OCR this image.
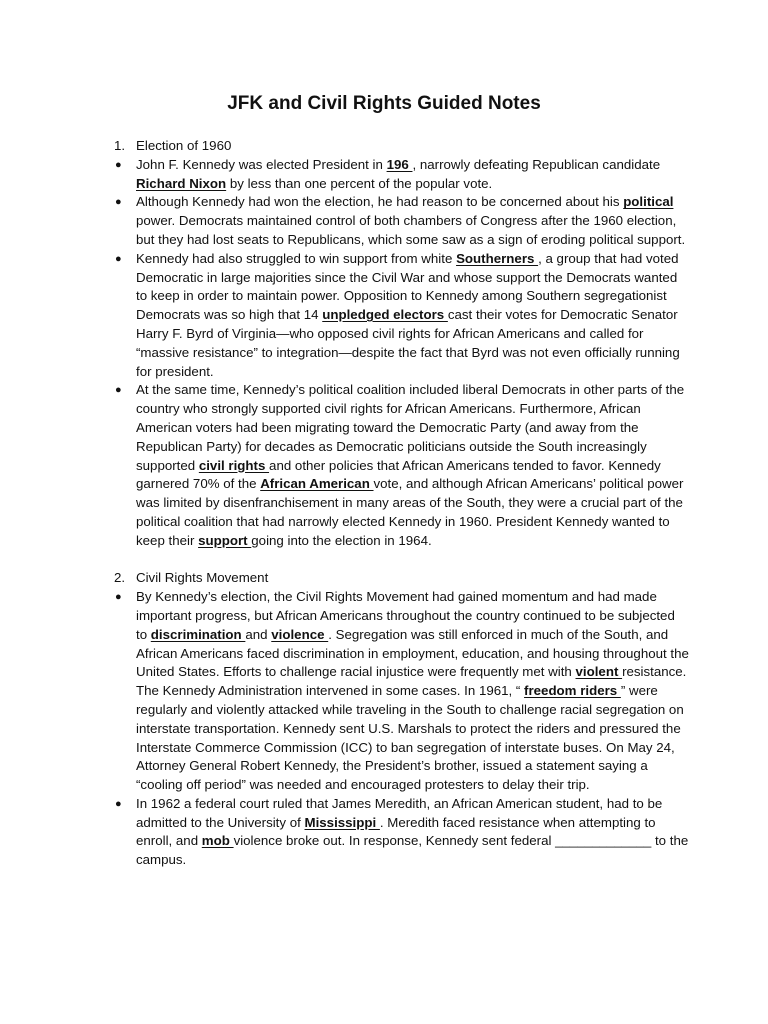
JFK and Civil Rights Guided Notes
1. Election of 1960
● John F. Kennedy was elected President in 196 , narrowly defeating Republican candidate Richard Nixon by less than one percent of the popular vote.
● Although Kennedy had won the election, he had reason to be concerned about his political power. Democrats maintained control of both chambers of Congress after the 1960 election, but they had lost seats to Republicans, which some saw as a sign of eroding political support.
● Kennedy had also struggled to win support from white Southerners , a group that had voted Democratic in large majorities since the Civil War and whose support the Democrats wanted to keep in order to maintain power. Opposition to Kennedy among Southern segregationist Democrats was so high that 14 unpledged electors cast their votes for Democratic Senator Harry F. Byrd of Virginia—who opposed civil rights for African Americans and called for “massive resistance” to integration—despite the fact that Byrd was not even officially running for president.
● At the same time, Kennedy’s political coalition included liberal Democrats in other parts of the country who strongly supported civil rights for African Americans. Furthermore, African American voters had been migrating toward the Democratic Party (and away from the Republican Party) for decades as Democratic politicians outside the South increasingly supported civil rights and other policies that African Americans tended to favor. Kennedy garnered 70% of the African American vote, and although African Americans’ political power was limited by disenfranchisement in many areas of the South, they were a crucial part of the political coalition that had narrowly elected Kennedy in 1960. President Kennedy wanted to keep their support going into the election in 1964.
2. Civil Rights Movement
● By Kennedy’s election, the Civil Rights Movement had gained momentum and had made important progress, but African Americans throughout the country continued to be subjected to discrimination and violence . Segregation was still enforced in much of the South, and African Americans faced discrimination in employment, education, and housing throughout the United States. Efforts to challenge racial injustice were frequently met with violent resistance. The Kennedy Administration intervened in some cases. In 1961, “ freedom riders ” were regularly and violently attacked while traveling in the South to challenge racial segregation on interstate transportation. Kennedy sent U.S. Marshals to protect the riders and pressured the Interstate Commerce Commission (ICC) to ban segregation of interstate buses. On May 24, Attorney General Robert Kennedy, the President’s brother, issued a statement saying a “cooling off period” was needed and encouraged protesters to delay their trip.
● In 1962 a federal court ruled that James Meredith, an African American student, had to be admitted to the University of Mississippi . Meredith faced resistance when attempting to enroll, and mob violence broke out. In response, Kennedy sent federal _____________ to the campus.
